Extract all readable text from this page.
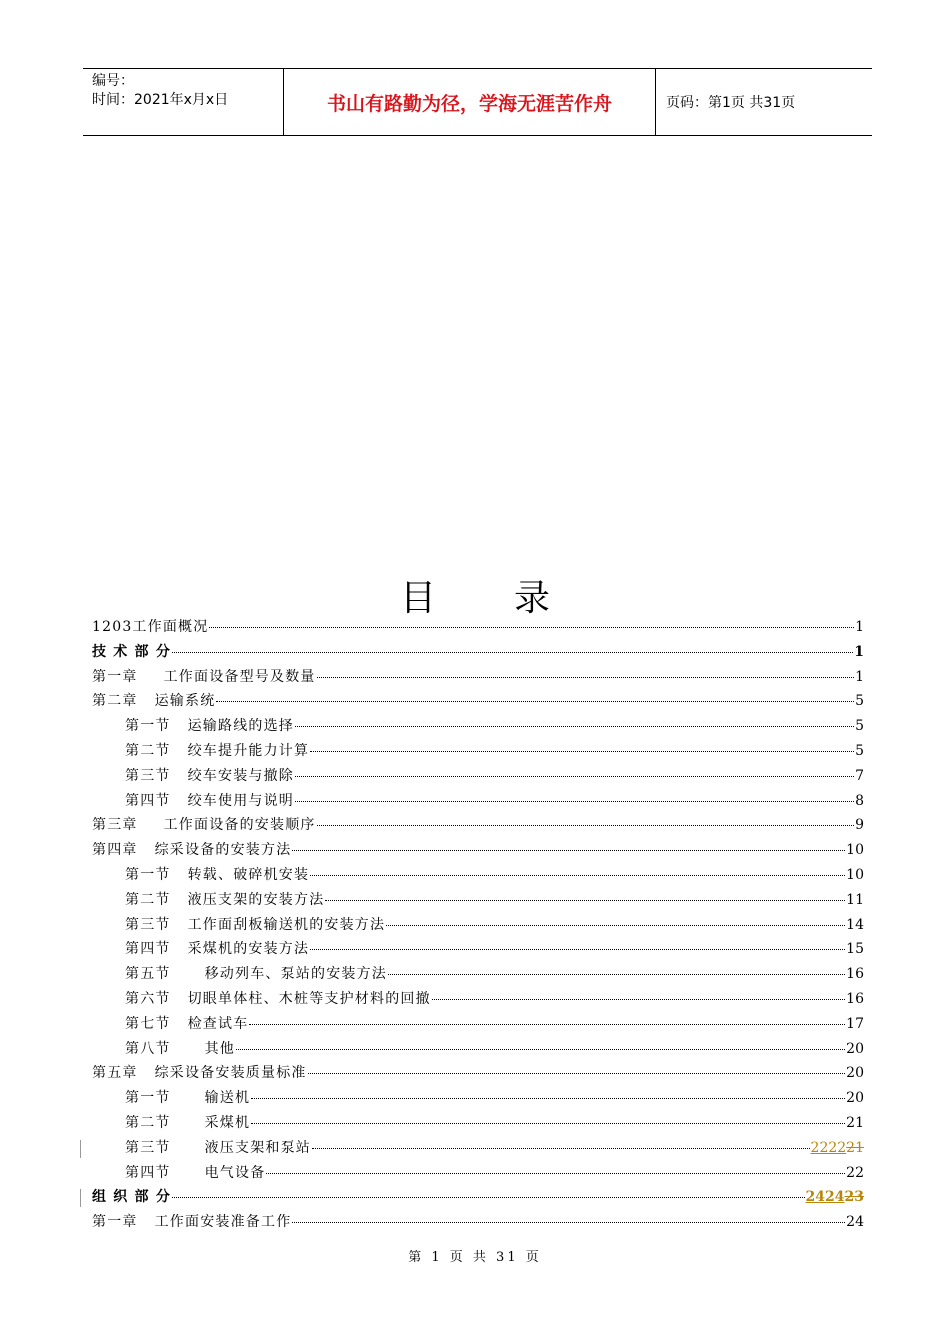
编号：
时间：2021年x月x日	书山有路勤为径，学海无涯苦作舟	页码：第1页 共31页
目录
1203工作面概况	1
技 术 部 分	1
第一章 工作面设备型号及数量	1
第二章 运输系统	5
第一节 运输路线的选择	5
第二节 绞车提升能力计算	5
第三节 绞车安装与撤除	7
第四节 绞车使用与说明	8
第三章 工作面设备的安装顺序	9
第四章 综采设备的安装方法	10
第一节 转载、破碎机安装	10
第二节 液压支架的安装方法	11
第三节 工作面刮板输送机的安装方法	14
第四节 采煤机的安装方法	15
第五节 移动列车、泵站的安装方法	16
第六节 切眼单体柱、木桩等支护材料的回撤	16
第七节 检查试车	17
第八节 其他	20
第五章 综采设备安装质量标准	20
第一节 输送机	20
第二节 采煤机	21
第三节 液压支架和泵站	222221
第四节 电气设备	22
组 织 部 分	242423
第一章 工作面安装准备工作	24
第 1 页 共 31 页
